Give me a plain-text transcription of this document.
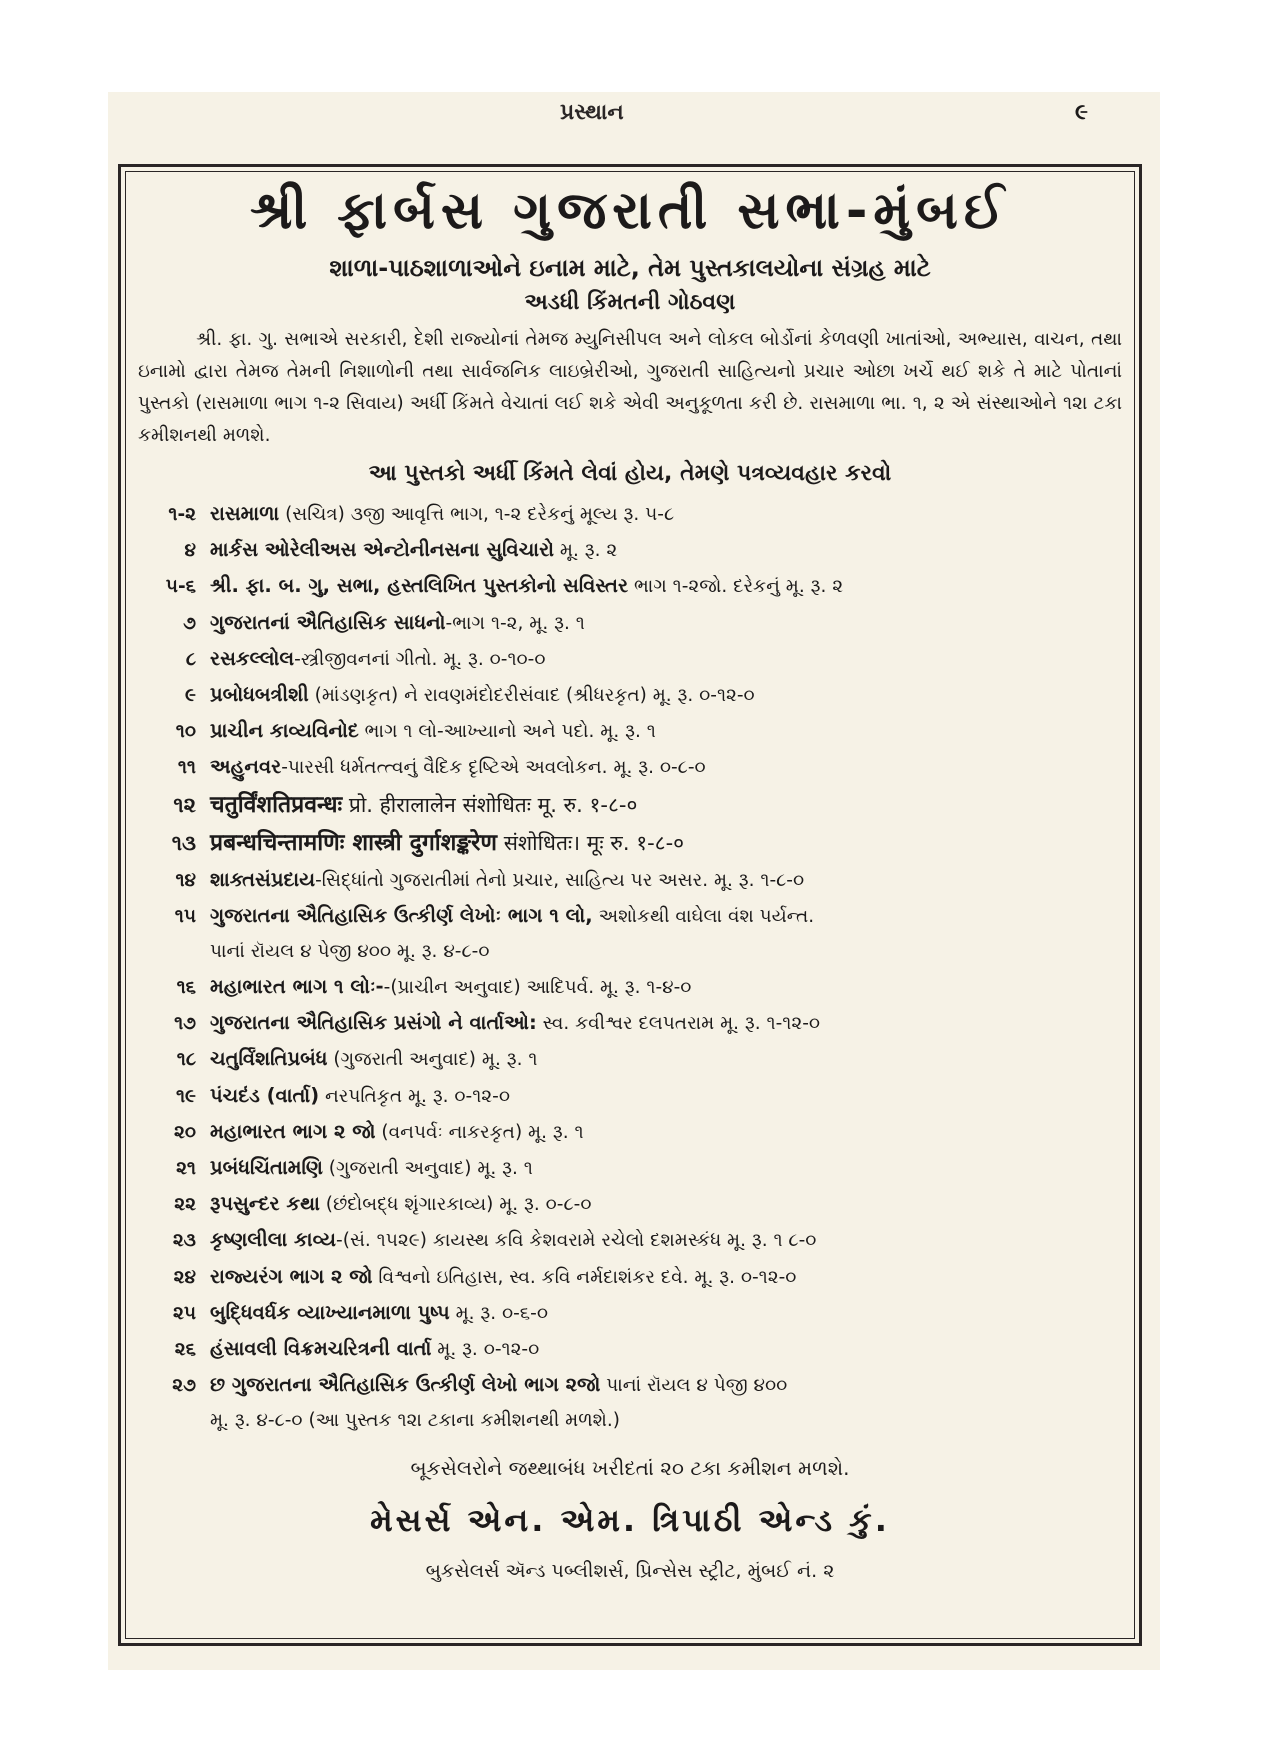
પ્રસ્થાન	૯
શ્રી ફાર્બસ ગુજરાતી સભા-મુંબઈ
શાળા-પાઠશાળાઓને ઇનામ માટે, તેમ પુસ્તકાલયોના સંગ્રહ માટે
અડધી કિંમતની ગોઠવણ

શ્રી. ફા. ગુ. સભાએ સરકારી, દેશી રાજ્યોનાં તેમજ મ્યુનિસીપલ અને લોકલ બોર્ડોનાં કેળવણી ખાતાંઓ, અભ્યાસ, વાચન, તથા ઇનામો દ્વારા તેમજ તેમની નિશાળોની તથા સાર્વજનિક લાઇબ્રેરીઓ, ગુજરાતી સાહિત્યનો પ્રચાર ઓછા ખર્ચે થઈ શકે તે માટે પોતાનાં પુસ્તકો (રાસમાળા ભાગ ૧-૨ સિવાય) અર્ધી કિંમતે વેચાતાં લઈ શકે એવી અનુકૂળતા કરી છે. રાસમાળા ભા. ૧, ૨ એ સંસ્થાઓને ૧૨ા ટકા કમીશનથી મળશે.

આ પુસ્તકો અર્ધી કિંમતે લેવાં હોય, તેમણે પત્રવ્યવહાર કરવો
૧-૨ રાસમાળા (સચિત્ર) ૩જી આવૃત્તિ ભાગ, ૧-૨ દરેકનું મૂલ્ય રૂ. ૫-૮
૪ માર્કસ ઓરેલીઅસ એન્ટોનીનસના સુવિચારો મૂ. રૂ. ૨
૫-૬ શ્રી. ફા. બ. ગુ, સભા, હસ્તલિખિત પુસ્તકોનો સવિસ્તર ભાગ ૧-૨જો. દરેકનું મૂ. રૂ. ૨
૭ ગુજરાતનાં ઐતિહાસિક સાધનો-ભાગ ૧-૨, મૂ. રૂ. ૧
૮ રસકલ્લોલ-સ્ત્રીજીવનનાં ગીતો. મૂ. રૂ. ૦-૧૦-૦
૯ પ્રબોધબત્રીશી (માંડણકૃત) ને રાવણમંદોદરીસંવાદ (શ્રીધરકૃત) મૂ. રૂ. ૦-૧૨-૦
૧૦ પ્રાચીન કાવ્યવિનોદ ભાગ ૧ લો-આખ્યાનો અને પદો. મૂ. રૂ. ૧
૧૧ અહુનવર-પારસી ધર્મતત્ત્વનું વૈદિક દૃષ્ટિએ અવલોકન. મૂ. રૂ. ૦-૮-૦
૧૨ चतुर्विंशतिप्रवन्धः प्रो. हीरालालेन संशोधितः मू. रु. १-८-०
૧૩ प्रबन्धचिन्तामणिः शास्त्री दुर्गाशङ्करेण संशोधितः। मूः रु. १-८-०
૧૪ શાક્તસંપ્રદાય-સિદ્ધાંતો ગુજરાતીમાં તેનો પ્રચાર, સાહિત્ય પર અસર. મૂ. રૂ. ૧-૮-૦
૧૫ ગુજરાતના ઐતિહાસિક ઉત્કીર્ણ લેખોઃ ભાગ ૧ લો, અશોકથી વાઘેલા વંશ પર્યન્ત.
પાનાં રૉયલ ૪ પેજી ૪૦૦ મૂ. રૂ. ૪-૮-૦
૧૬ મહાભારત ભાગ ૧ લોઃ--(પ્રાચીન અનુવાદ) આદિપર્વ. મૂ. રૂ. ૧-૪-૦
૧૭ ગુજરાતના ઐતિહાસિક પ્રસંગો ને વાર્તાઓ: સ્વ. કવીશ્વર દલપતરામ મૂ. રૂ. ૧-૧૨-૦
૧૮ ચતુર્વિંશતિપ્રબંધ (ગુજરાતી અનુવાદ) મૂ. રૂ. ૧
૧૯ પંચદંડ (વાર્તા) નરપતિકૃત મૂ. રૂ. ૦-૧૨-૦
૨૦ મહાભારત ભાગ ૨ જો (વનપર્વઃ નાકરકૃત) મૂ. રૂ. ૧
૨૧ પ્રબંધચિંતામણિ (ગુજરાતી અનુવાદ) મૂ. રૂ. ૧
૨૨ રૂપસુન્દર કથા (છંદોબદ્ધ શૃંગારકાવ્ય) મૂ. રૂ. ૦-૮-૦
૨૩ કૃષ્ણલીલા કાવ્ય-(સં. ૧૫૨૯) કાયસ્થ કવિ કેશવરામે રચેલો દશમસ્કંધ મૂ. રૂ. ૧ ૮-૦
૨૪ રાજ્યરંગ ભાગ ૨ જો વિશ્વનો ઇતિહાસ, સ્વ. કવિ નર્મદાશંકર દવે. મૂ. રૂ. ૦-૧૨-૦
૨૫ બુદ્ધિવર્ધક વ્યાખ્યાનમાળા પુષ્પ મૂ. રૂ. ૦-૬-૦
૨૬ હંસાવલી વિક્રમચરિત્રની વાર્તા મૂ. રૂ. ૦-૧૨-૦
૨૭ છ ગુજરાતના ઐતિહાસિક ઉત્કીર્ણ લેખો ભાગ ૨જો પાનાં રૉયલ ૪ પેજી ૪૦૦
મૂ. રૂ. ૪-૮-૦ (આ પુસ્તક ૧૨ા ટકાના કમીશનથી મળશે.)
બૂકસેલરોને જથ્થાબંધ ખરીદતાં ૨૦ ટકા કમીશન મળશે.
મેસર્સ એન. એમ. ત્રિપાઠી એન્ડ કું.
બુકસેલર્સ ઍન્ડ પબ્લીશર્સ, પ્રિન્સેસ સ્ટ્રીટ, મુંબઈ નં. ૨
